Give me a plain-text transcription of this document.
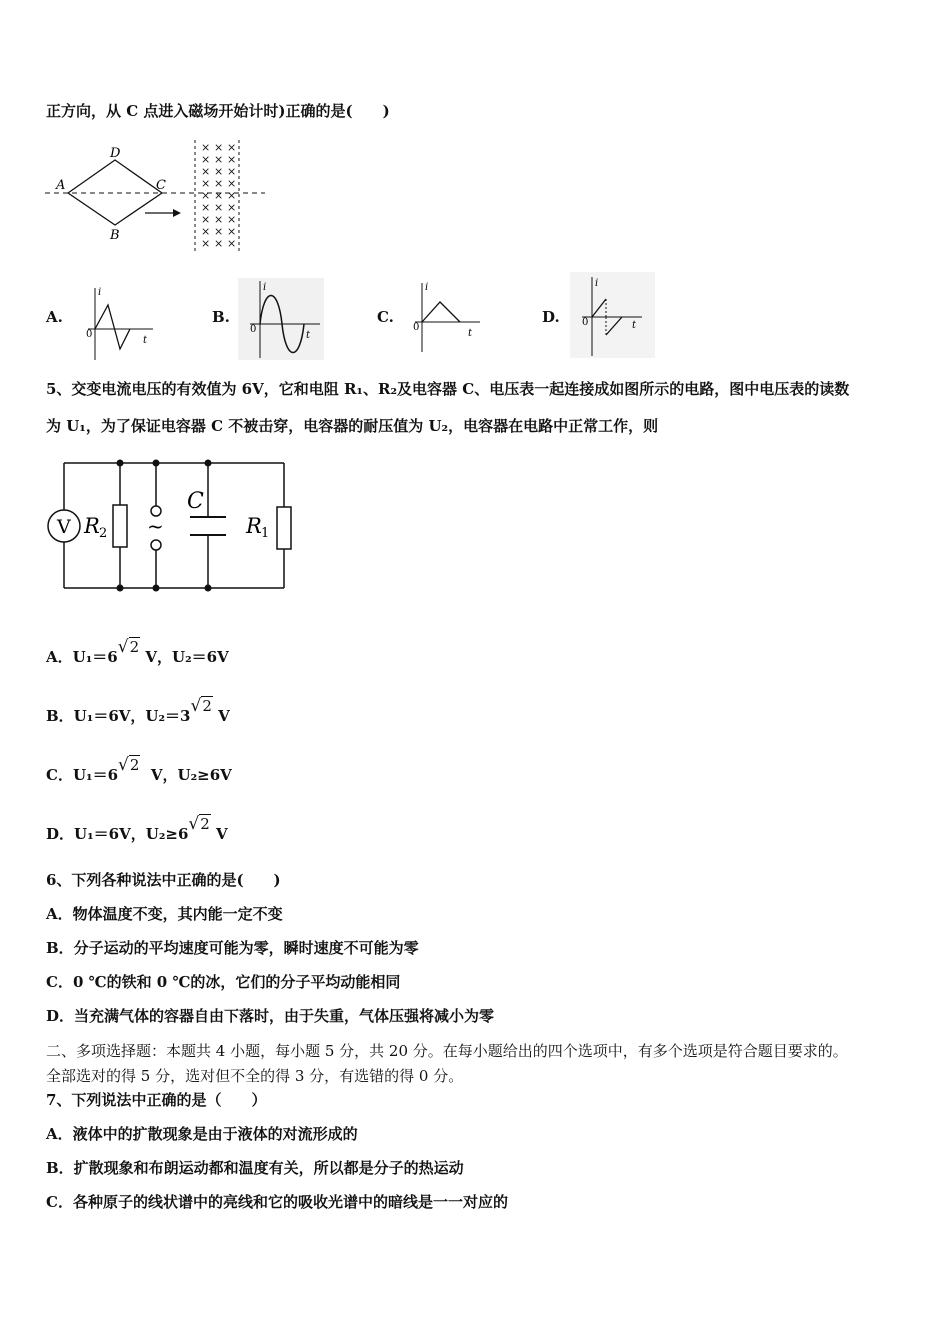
正方向，从 C 点进入磁场开始计时)正确的是(　　)
A
D
C
B
× × ×
× × ×
× × ×
× × ×
× × ×
× × ×
× × ×
× × ×
× × ×
A.
i
0
t
B.
i
0
t
C.
i
0
t
D.
i
0	t
5、交变电流电压的有效值为 6V，它和电阻 R₁、R₂及电容器 C、电压表一起连接成如图所示的电路，图中电压表的读数
为 U₁，为了保证电容器 C 不被击穿，电容器的耐压值为 U₂，电容器在电路中正常工作，则
V R 2 ~
C
R 1
A．U₁＝6√2 V，U₂＝6V
B．U₁＝6V，U₂＝3√2 V
C．U₁＝6√2  V，U₂≥6V
D．U₁＝6V，U₂≥6√2 V
6、下列各种说法中正确的是(　　)
A．物体温度不变，其内能一定不变
B．分子运动的平均速度可能为零，瞬时速度不可能为零
C．0 ℃的铁和 0 ℃的冰，它们的分子平均动能相同
D．当充满气体的容器自由下落时，由于失重，气体压强将减小为零
二、多项选择题：本题共 4 小题，每小题 5 分，共 20 分。在每小题给出的四个选项中，有多个选项是符合题目要求的。
全部选对的得 5 分，选对但不全的得 3 分，有选错的得 0 分。
7、下列说法中正确的是（　　）
A．液体中的扩散现象是由于液体的对流形成的
B．扩散现象和布朗运动都和温度有关，所以都是分子的热运动
C．各种原子的线状谱中的亮线和它的吸收光谱中的暗线是一一对应的
